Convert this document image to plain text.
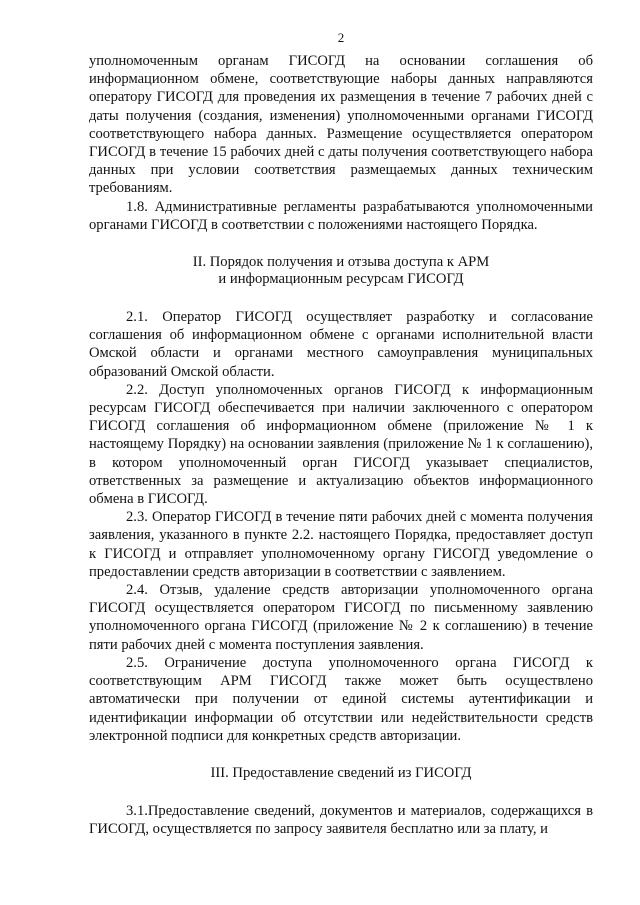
2

уполномоченным органам ГИСОГД на основании соглашения об информационном обмене, соответствующие наборы данных направляются оператору ГИСОГД для проведения их размещения в течение 7 рабочих дней с даты получения (создания, изменения) уполномоченными органами ГИСОГД соответствующего набора данных. Размещение осуществляется оператором ГИСОГД в течение 15 рабочих дней с даты получения соответствующего набора данных при условии соответствия размещаемых данных техническим требованиям.

1.8. Административные регламенты разрабатываются уполномоченными органами ГИСОГД в соответствии с положениями настоящего Порядка.

II. Порядок получения и отзыва доступа к АРМ
и информационным ресурсам ГИСОГД

2.1. Оператор ГИСОГД осуществляет разработку и согласование соглашения об информационном обмене с органами исполнительной власти Омской области и органами местного самоуправления муниципальных образований Омской области.

2.2. Доступ уполномоченных органов ГИСОГД к информационным ресурсам ГИСОГД обеспечивается при наличии заключенного с оператором ГИСОГД соглашения об информационном обмене (приложение № 1 к настоящему Порядку) на основании заявления (приложение № 1 к соглашению), в котором уполномоченный орган ГИСОГД указывает специалистов, ответственных за размещение и актуализацию объектов информационного обмена в ГИСОГД.

2.3. Оператор ГИСОГД в течение пяти рабочих дней с момента получения заявления, указанного в пункте 2.2. настоящего Порядка, предоставляет доступ к ГИСОГД и отправляет уполномоченному органу ГИСОГД уведомление о предоставлении средств авторизации в соответствии с заявлением.

2.4. Отзыв, удаление средств авторизации уполномоченного органа ГИСОГД осуществляется оператором ГИСОГД по письменному заявлению уполномоченного органа ГИСОГД (приложение № 2 к соглашению) в течение пяти рабочих дней с момента поступления заявления.

2.5. Ограничение доступа уполномоченного органа ГИСОГД к соответствующим АРМ ГИСОГД также может быть осуществлено автоматически при получении от единой системы аутентификации и идентификации информации об отсутствии или недействительности средств электронной подписи для конкретных средств авторизации.

III. Предоставление сведений из ГИСОГД

3.1.Предоставление сведений, документов и материалов, содержащихся в ГИСОГД, осуществляется по запросу заявителя бесплатно или за плату, и
